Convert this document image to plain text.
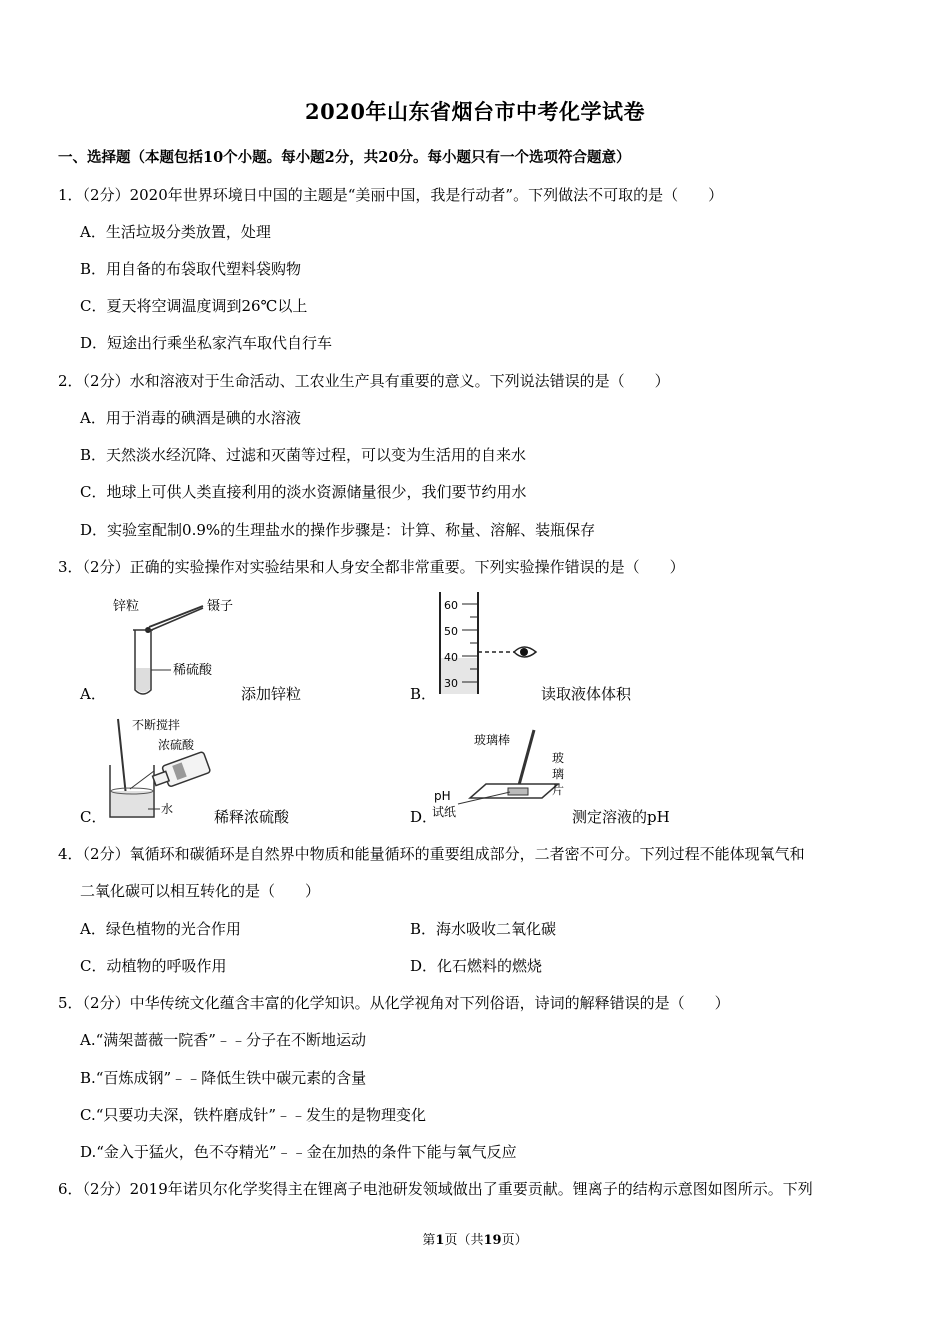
2020年山东省烟台市中考化学试卷
一、选择题（本题包括10个小题。每小题2分，共20分。每小题只有一个选项符合题意）
1．（2分）2020年世界环境日中国的主题是“美丽中国，我是行动者”。下列做法不可取的是（　　）
A．生活垃圾分类放置，处理
B．用自备的布袋取代塑料袋购物
C．夏天将空调温度调到26℃以上
D．短途出行乘坐私家汽车取代自行车
2．（2分）水和溶液对于生命活动、工农业生产具有重要的意义。下列说法错误的是（　　）
A．用于消毒的碘酒是碘的水溶液
B．天然淡水经沉降、过滤和灭菌等过程，可以变为生活用的自来水
C．地球上可供人类直接利用的淡水资源储量很少，我们要节约用水
D．实验室配制0.9%的生理盐水的操作步骤是：计算、称量、溶解、装瓶保存
3．（2分）正确的实验操作对实验结果和人身安全都非常重要。下列实验操作错误的是（　　）
A．
锌粒	镊子
稀硫酸
添加锌粒	B．
60
50
40
30
读取液体体积
C．
不断搅拌
浓硫酸
水	稀释浓硫酸	D．
玻璃棒
pH
试纸
玻
璃
片
测定溶液的pH
4．（2分）氧循环和碳循环是自然界中物质和能量循环的重要组成部分，二者密不可分。下列过程不能体现氧气和
二氧化碳可以相互转化的是（　　）
A．绿色植物的光合作用	B．海水吸收二氧化碳
C．动植物的呼吸作用	D．化石燃料的燃烧
5．（2分）中华传统文化蕴含丰富的化学知识。从化学视角对下列俗语，诗词的解释错误的是（　　）
A.“满架蔷薇一院香”﹣﹣分子在不断地运动
B.“百炼成钢”﹣﹣降低生铁中碳元素的含量
C.“只要功夫深，铁杵磨成针”﹣﹣发生的是物理变化
D.“金入于猛火，色不夺精光”﹣﹣金在加热的条件下能与氧气反应
6．（2分）2019年诺贝尔化学奖得主在锂离子电池研发领域做出了重要贡献。锂离子的结构示意图如图所示。下列
第1页（共19页）
